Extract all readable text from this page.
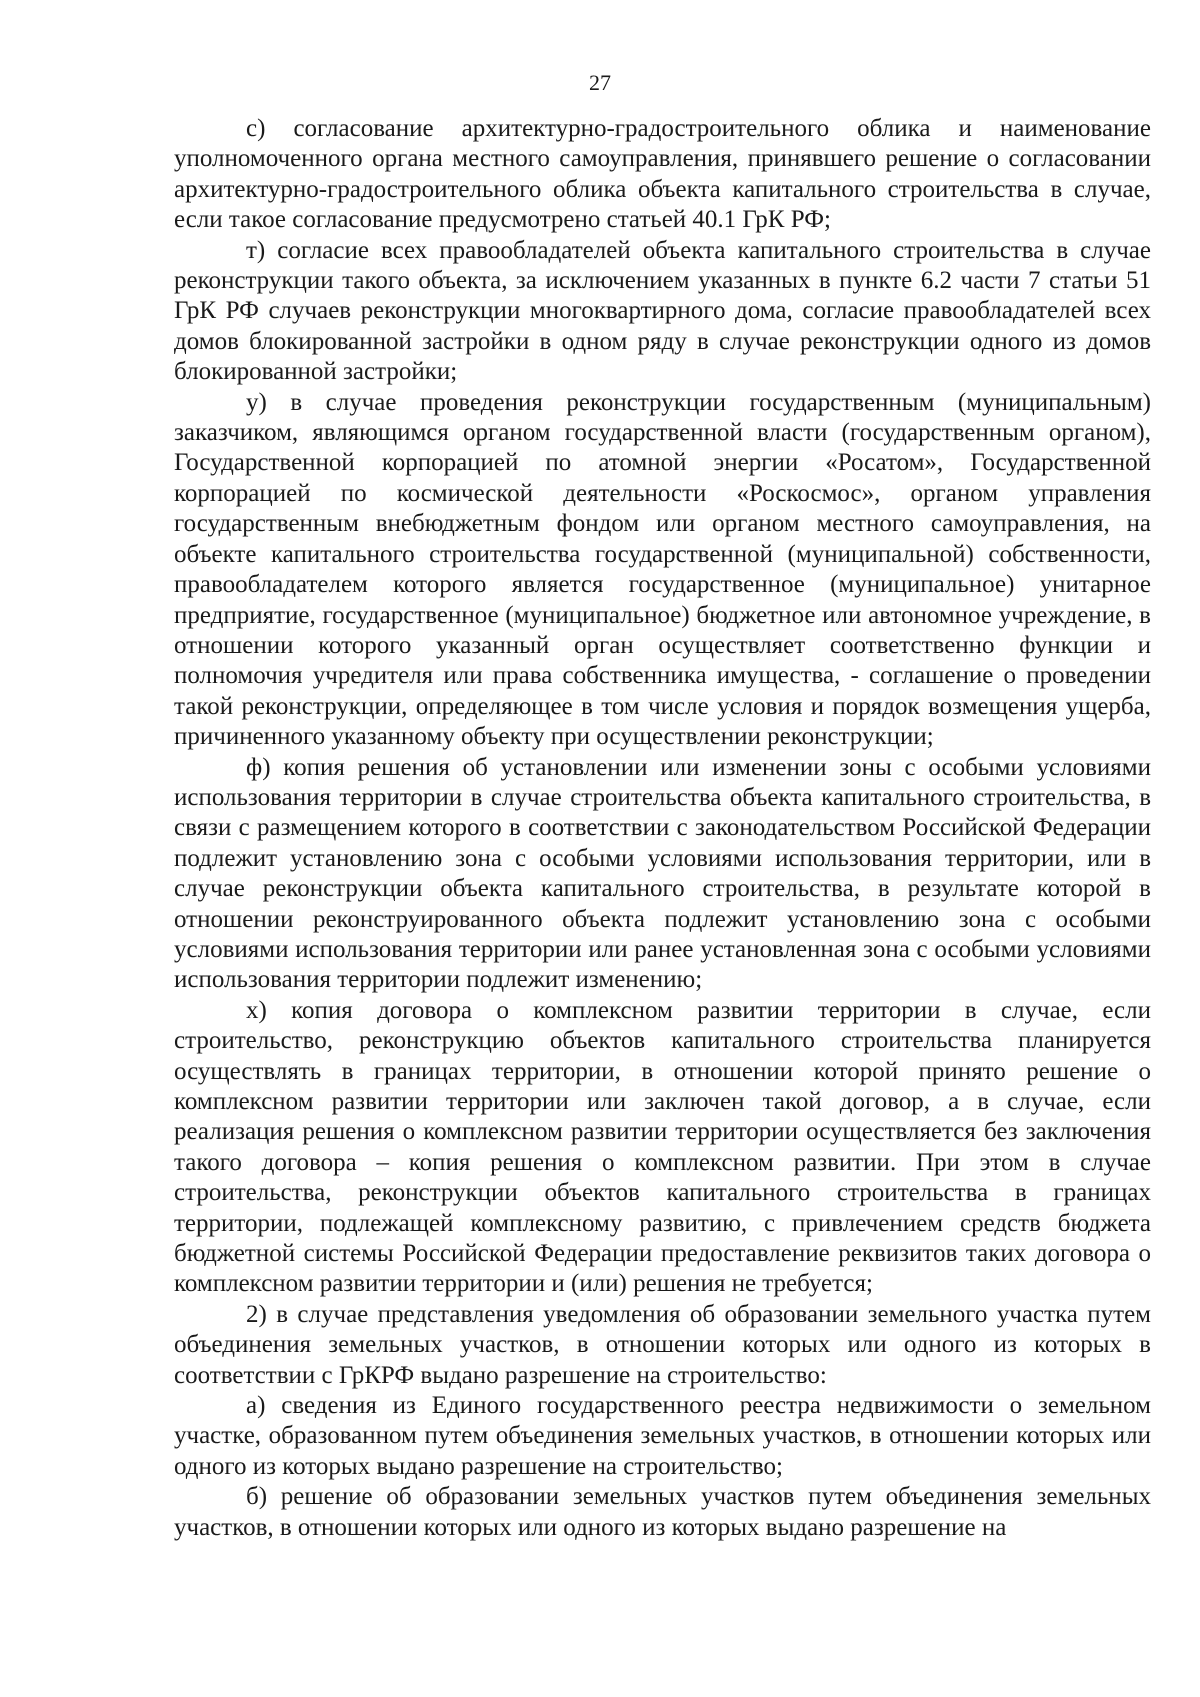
27

с) согласование архитектурно-градостроительного облика и наименование уполномоченного органа местного самоуправления, принявшего решение о согласовании архитектурно-градостроительного облика объекта капитального строительства в случае, если такое согласование предусмотрено статьей 40.1 ГрК РФ;

т) согласие всех правообладателей объекта капитального строительства в случае реконструкции такого объекта, за исключением указанных в пункте 6.2 части 7 статьи 51 ГрК РФ случаев реконструкции многоквартирного дома, согласие правообладателей всех домов блокированной застройки в одном ряду в случае реконструкции одного из домов блокированной застройки;

у) в случае проведения реконструкции государственным (муниципальным) заказчиком, являющимся органом государственной власти (государственным органом), Государственной корпорацией по атомной энергии «Росатом», Государственной корпорацией по космической деятельности «Роскосмос», органом управления государственным внебюджетным фондом или органом местного самоуправления, на объекте капитального строительства государственной (муниципальной) собственности, правообладателем которого является государственное (муниципальное) унитарное предприятие, государственное (муниципальное) бюджетное или автономное учреждение, в отношении которого указанный орган осуществляет соответственно функции и полномочия учредителя или права собственника имущества, - соглашение о проведении такой реконструкции, определяющее в том числе условия и порядок возмещения ущерба, причиненного указанному объекту при осуществлении реконструкции;

ф) копия решения об установлении или изменении зоны с особыми условиями использования территории в случае строительства объекта капитального строительства, в связи с размещением которого в соответствии с законодательством Российской Федерации подлежит установлению зона с особыми условиями использования территории, или в случае реконструкции объекта капитального строительства, в результате которой в отношении реконструированного объекта подлежит установлению зона с особыми условиями использования территории или ранее установленная зона с особыми условиями использования территории подлежит изменению;

х) копия договора о комплексном развитии территории в случае, если строительство, реконструкцию объектов капитального строительства планируется осуществлять в границах территории, в отношении которой принято решение о комплексном развитии территории или заключен такой договор, а в случае, если реализация решения о комплексном развитии территории осуществляется без заключения такого договора – копия решения о комплексном развитии. При этом в случае строительства, реконструкции объектов капитального строительства в границах территории, подлежащей комплексному развитию, с привлечением средств бюджета бюджетной системы Российской Федерации предоставление реквизитов таких договора о комплексном развитии территории и (или) решения не требуется;

2) в случае представления уведомления об образовании земельного участка путем объединения земельных участков, в отношении которых или одного из которых в соответствии с ГрКРФ выдано разрешение на строительство:

а) сведения из Единого государственного реестра недвижимости о земельном участке, образованном путем объединения земельных участков, в отношении которых или одного из которых выдано разрешение на строительство;

б) решение об образовании земельных участков путем объединения земельных участков, в отношении которых или одного из которых выдано разрешение на
